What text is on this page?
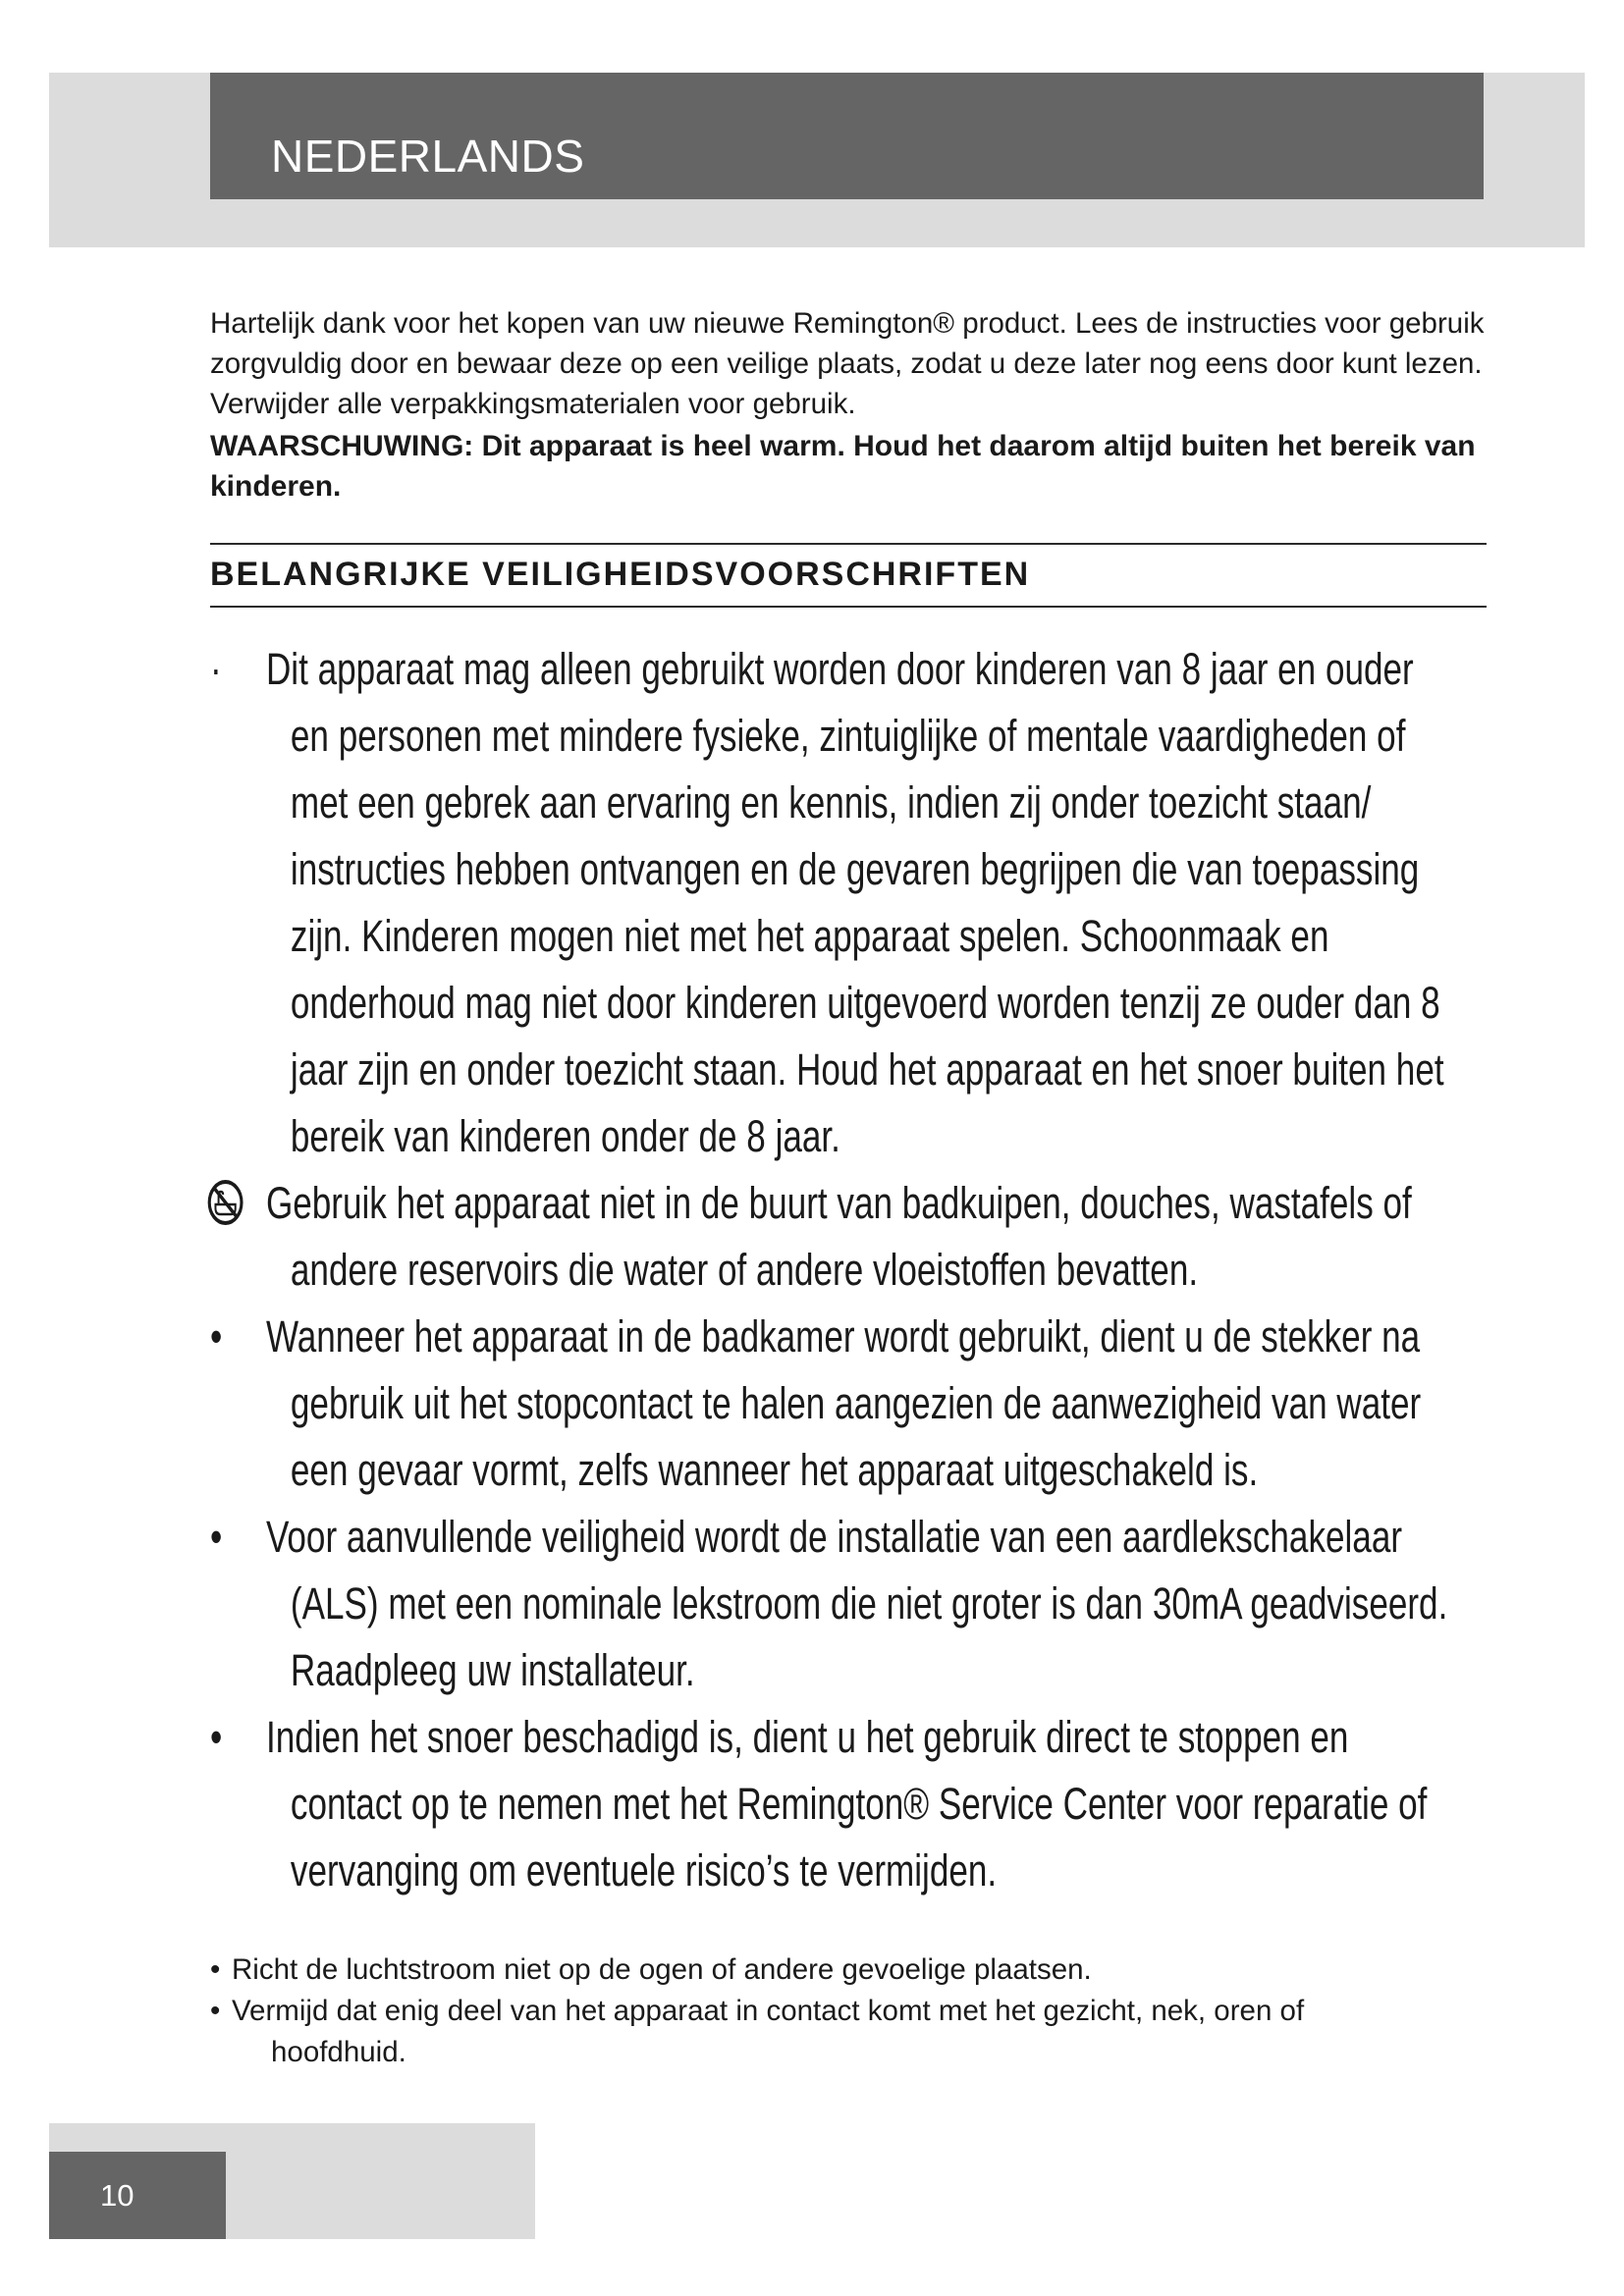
NEDERLANDS

Hartelijk dank voor het kopen van uw nieuwe Remington® product. Lees de instructies voor gebruik zorgvuldig door en bewaar deze op een veilige plaats, zodat u deze later nog eens door kunt lezen. Verwijder alle verpakkingsmaterialen voor gebruik.

WAARSCHUWING: Dit apparaat is heel warm. Houd het daarom altijd buiten het bereik van kinderen.

BELANGRIJKE VEILIGHEIDSVOORSCHRIFTEN
·	Dit apparaat mag alleen gebruikt worden door kinderen van 8 jaar en ouder en personen met mindere fysieke, zintuiglijke of mentale vaardigheden of met een gebrek aan ervaring en kennis, indien zij onder toezicht staan/ instructies hebben ontvangen en de gevaren begrijpen die van toepassing zijn. Kinderen mogen niet met het apparaat spelen. Schoonmaak en onderhoud mag niet door kinderen uitgevoerd worden tenzij ze ouder dan 8 jaar zijn en onder toezicht staan. Houd het apparaat en het snoer buiten het bereik van kinderen onder de 8 jaar.
Gebruik het apparaat niet in de buurt van badkuipen, douches, wastafels of andere reservoirs die water of andere vloeistoffen bevatten.
• Wanneer het apparaat in de badkamer wordt gebruikt, dient u de stekker na gebruik uit het stopcontact te halen aangezien de aanwezigheid van water een gevaar vormt, zelfs wanneer het apparaat uitgeschakeld is.
• Voor aanvullende veiligheid wordt de installatie van een aardlekschakelaar (ALS) met een nominale lekstroom die niet groter is dan 30mA geadviseerd. Raadpleeg uw installateur.
• Indien het snoer beschadigd is, dient u het gebruik direct te stoppen en contact op te nemen met het Remington® Service Center voor reparatie of vervanging om eventuele risico’s te vermijden.
• Richt de luchtstroom niet op de ogen of andere gevoelige plaatsen.
• Vermijd dat enig deel van het apparaat in contact komt met het gezicht, nek, oren of
hoofdhuid.
10
